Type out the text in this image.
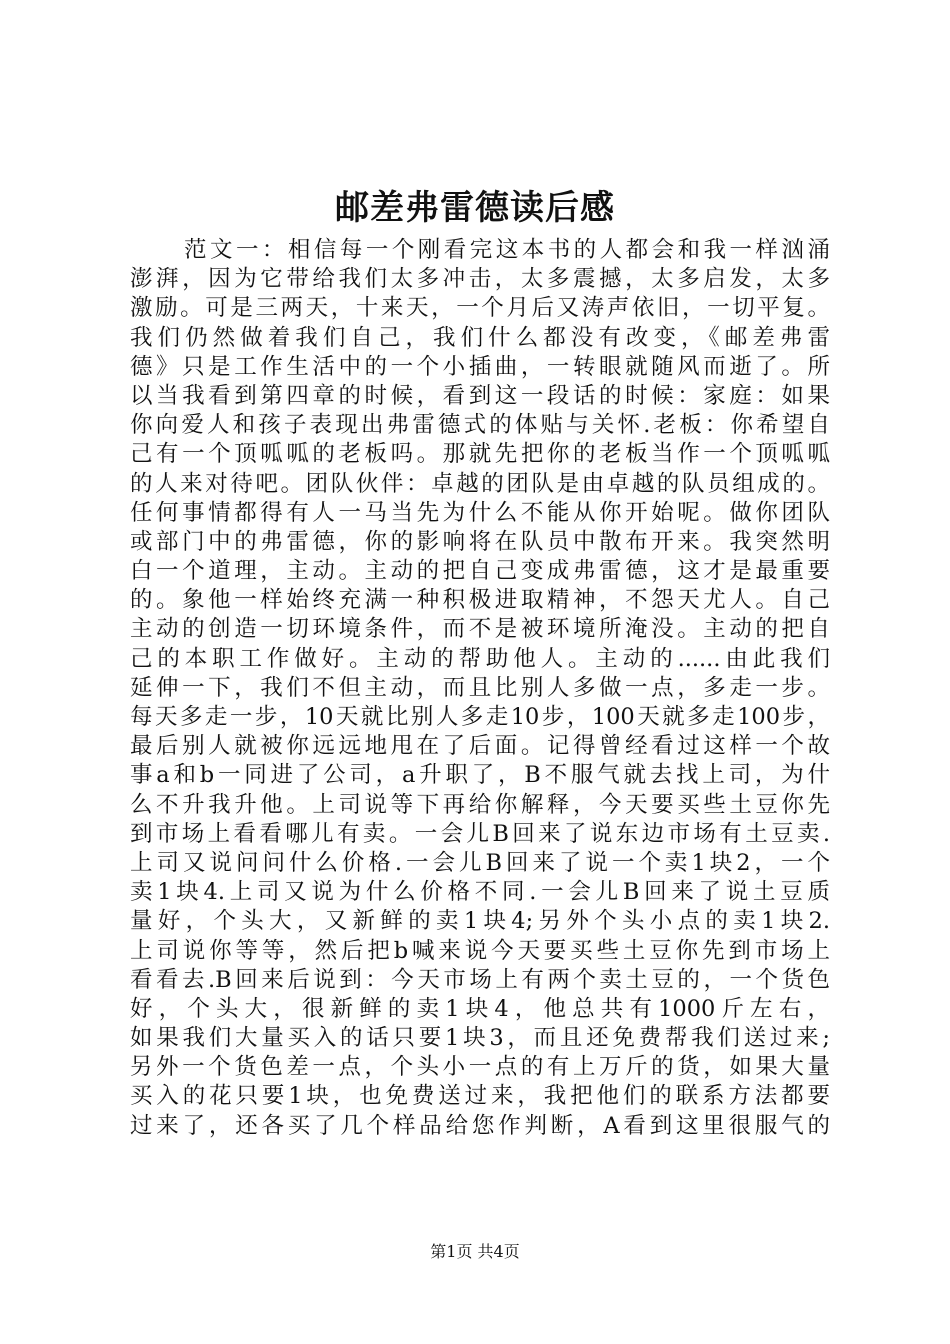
邮差弗雷德读后感
范文一：相信每一个刚看完这本书的人都会和我一样汹涌
澎湃，因为它带给我们太多冲击，太多震撼，太多启发，太多
激励。可是三两天，十来天，一个月后又涛声依旧，一切平复。
我们仍然做着我们自己，我们什么都没有改变，《邮差弗雷
德》只是工作生活中的一个小插曲，一转眼就随风而逝了。所
以当我看到第四章的时候，看到这一段话的时候：家庭：如果
你向爱人和孩子表现出弗雷德式的体贴与关怀.老板：你希望自
己有一个顶呱呱的老板吗。那就先把你的老板当作一个顶呱呱
的人来对待吧。团队伙伴：卓越的团队是由卓越的队员组成的。
任何事情都得有人一马当先为什么不能从你开始呢。做你团队
或部门中的弗雷德，你的影响将在队员中散布开来。我突然明
白一个道理，主动。主动的把自己变成弗雷德，这才是最重要
的。象他一样始终充满一种积极进取精神，不怨天尤人。自己
主动的创造一切环境条件，而不是被环境所淹没。主动的把自
己的本职工作做好。主动的帮助他人。主动的......由此我们
延伸一下，我们不但主动，而且比别人多做一点，多走一步。
每天多走一步，10天就比别人多走10步，100天就多走100步，
最后别人就被你远远地甩在了后面。记得曾经看过这样一个故
事a和b一同进了公司，a升职了，B不服气就去找上司，为什
么不升我升他。上司说等下再给你解释，今天要买些土豆你先
到市场上看看哪儿有卖。一会儿B回来了说东边市场有土豆卖.
上司又说问问什么价格.一会儿B回来了说一个卖1块2，一个
卖1块4.上司又说为什么价格不同.一会儿B回来了说土豆质
量好，个头大，又新鲜的卖1块4;另外个头小点的卖1块2.
上司说你等等，然后把b喊来说今天要买些土豆你先到市场上
看看去.B回来后说到：今天市场上有两个卖土豆的，一个货色
好，个头大，很新鲜的卖1块4，他总共有1000斤左右，
如果我们大量买入的话只要1块3，而且还免费帮我们送过来;
另外一个货色差一点，个头小一点的有上万斤的货，如果大量
买入的花只要1块，也免费送过来，我把他们的联系方法都要
过来了，还各买了几个样品给您作判断，A看到这里很服气的
第1页 共4页
